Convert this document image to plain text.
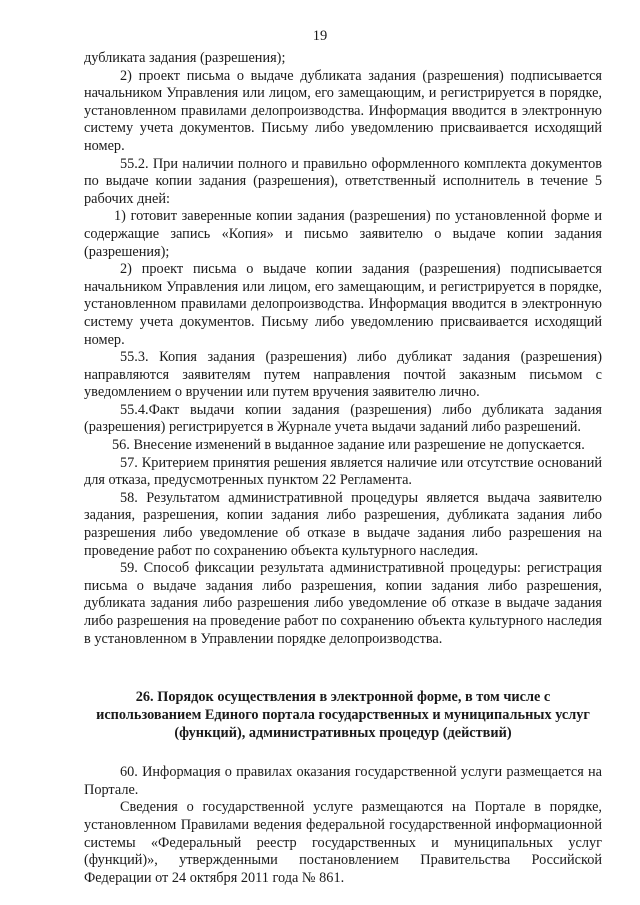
19

дубликата задания (разрешения);

2) проект письма о выдаче дубликата задания (разрешения) подписывается начальником Управления или лицом, его замещающим, и регистрируется в порядке, установленном правилами делопроизводства. Информация вводится в электронную систему учета документов. Письму либо уведомлению присваивается исходящий номер.

55.2. При наличии полного и правильно оформленного комплекта документов по выдаче копии задания (разрешения), ответственный исполнитель в течение 5 рабочих дней:

1) готовит заверенные копии задания (разрешения) по установленной форме и содержащие запись «Копия» и письмо заявителю о выдаче копии задания (разрешения);

2) проект письма о выдаче копии задания (разрешения) подписывается начальником Управления или лицом, его замещающим, и регистрируется в порядке, установленном правилами делопроизводства. Информация вводится в электронную систему учета документов. Письму либо уведомлению присваивается исходящий номер.

55.3. Копия задания (разрешения) либо дубликат задания (разрешения) направляются заявителям путем направления почтой заказным письмом с уведомлением о вручении или путем вручения заявителю лично.

55.4.Факт выдачи копии задания (разрешения) либо дубликата задания (разрешения) регистрируется в Журнале учета выдачи заданий либо разрешений.

56. Внесение изменений в выданное задание или разрешение не допускается.

57. Критерием принятия решения является наличие или отсутствие оснований для отказа, предусмотренных пунктом 22 Регламента.

58. Результатом административной процедуры является выдача заявителю задания, разрешения, копии задания либо разрешения, дубликата задания либо разрешения либо уведомление об отказе в выдаче задания либо разрешения на проведение работ по сохранению объекта культурного наследия.

59. Способ фиксации результата административной процедуры: регистрация письма о выдаче задания либо разрешения, копии задания либо разрешения, дубликата задания либо разрешения либо уведомление об отказе в выдаче задания либо разрешения на проведение работ по сохранению объекта культурного наследия в установленном в Управлении порядке делопроизводства.

26. Порядок осуществления в электронной форме, в том числе с использованием Единого портала государственных и муниципальных услуг (функций), административных процедур (действий)

60. Информация о правилах оказания государственной услуги размещается на Портале.

Сведения о государственной услуге размещаются на Портале в порядке, установленном Правилами ведения федеральной государственной информационной системы «Федеральный реестр государственных и муниципальных услуг (функций)», утвержденными постановлением Правительства Российской Федерации от 24 октября 2011 года № 861.
